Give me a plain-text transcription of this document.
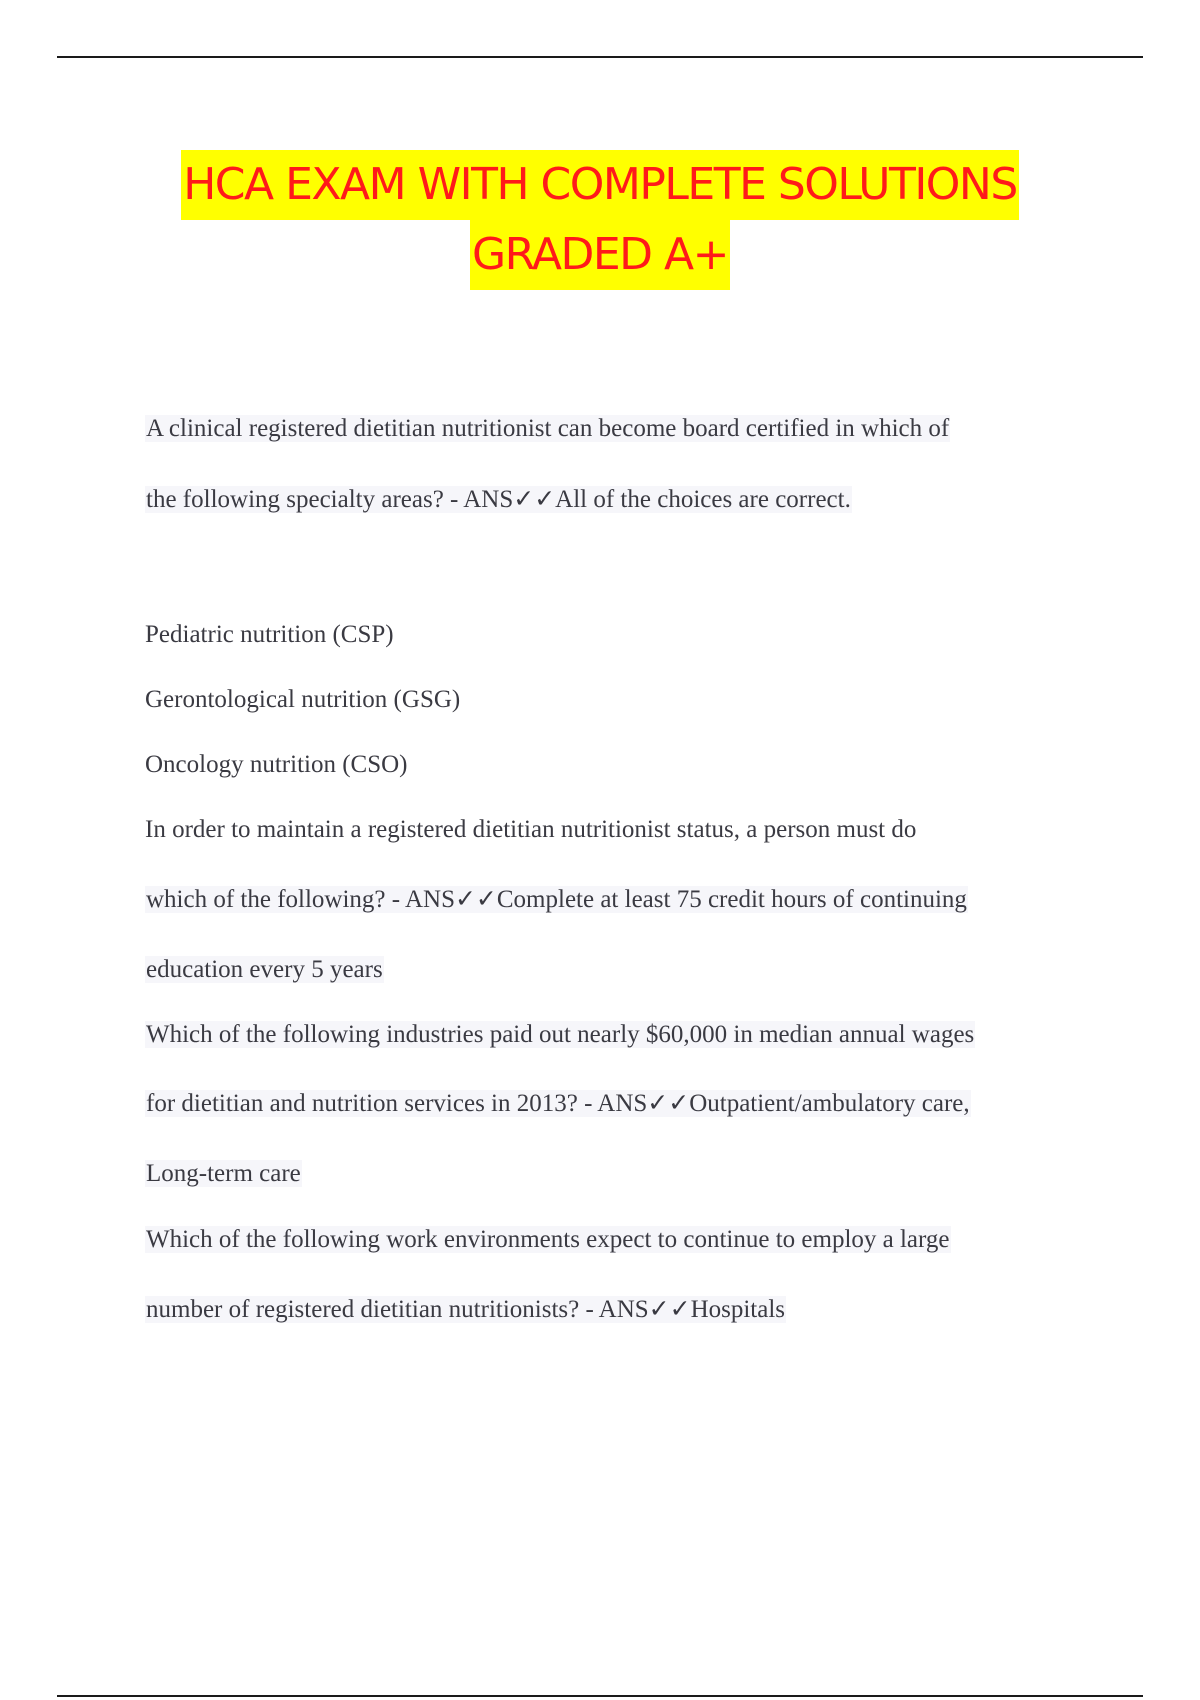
HCA EXAM WITH COMPLETE SOLUTIONS
GRADED A+
A clinical registered dietitian nutritionist can become board certified in which of
the following specialty areas? - ANS✓✓All of the choices are correct.
Pediatric nutrition (CSP)
Gerontological nutrition (GSG)
Oncology nutrition (CSO)
In order to maintain a registered dietitian nutritionist status, a person must do
which of the following? - ANS✓✓Complete at least 75 credit hours of continuing
education every 5 years
Which of the following industries paid out nearly $60,000 in median annual wages
for dietitian and nutrition services in 2013? - ANS✓✓Outpatient/ambulatory care,
Long-term care
Which of the following work environments expect to continue to employ a large
number of registered dietitian nutritionists? - ANS✓✓Hospitals
